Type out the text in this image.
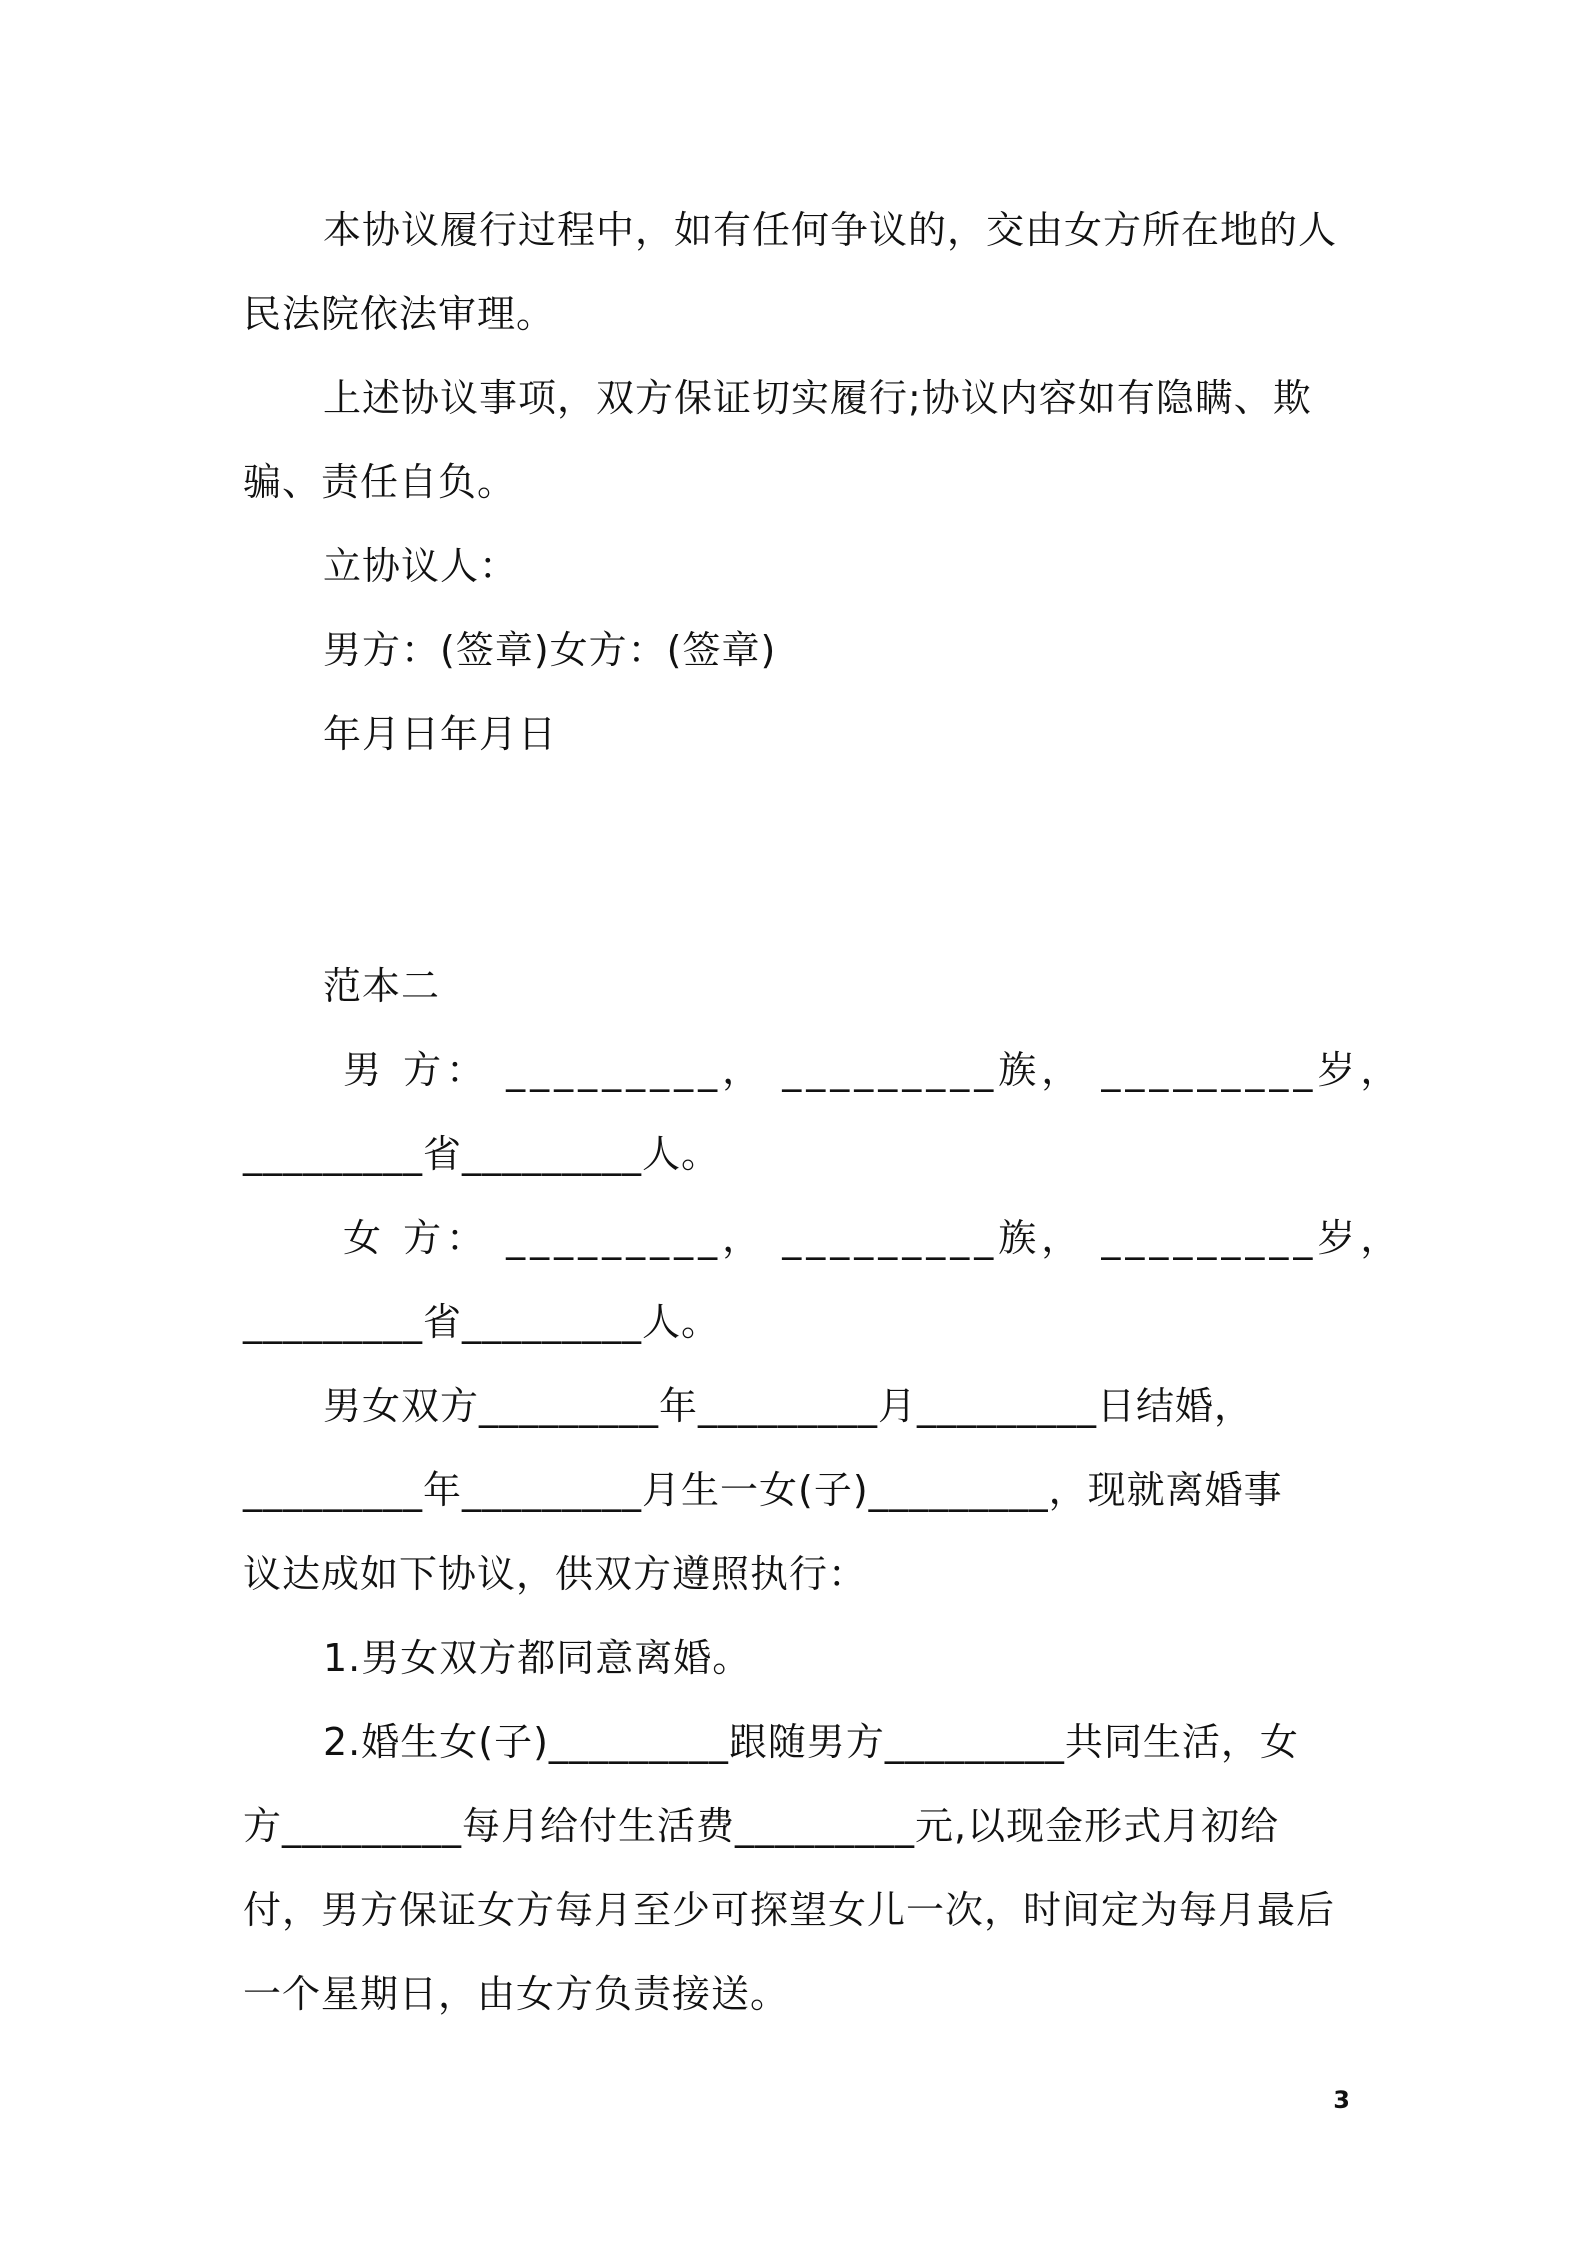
本协议履行过程中，如有任何争议的，交由女方所在地的人
民法院依法审理。
上述协议事项，双方保证切实履行;协议内容如有隐瞒、欺
骗、责任自负。
立协议人：
男方：(签章)女方：(签章)
年月日年月日
范本二
男 方： _________， _________族， _________岁，
_________省_________人。
女 方： _________， _________族， _________岁，
_________省_________人。
男女双方_________年_________月_________日结婚，
_________年_________月生一女(子)_________，现就离婚事
议达成如下协议，供双方遵照执行：
1.男女双方都同意离婚。
2.婚生女(子)_________跟随男方_________共同生活，女
方_________每月给付生活费_________元,以现金形式月初给
付，男方保证女方每月至少可探望女儿一次，时间定为每月最后
一个星期日，由女方负责接送。
3
